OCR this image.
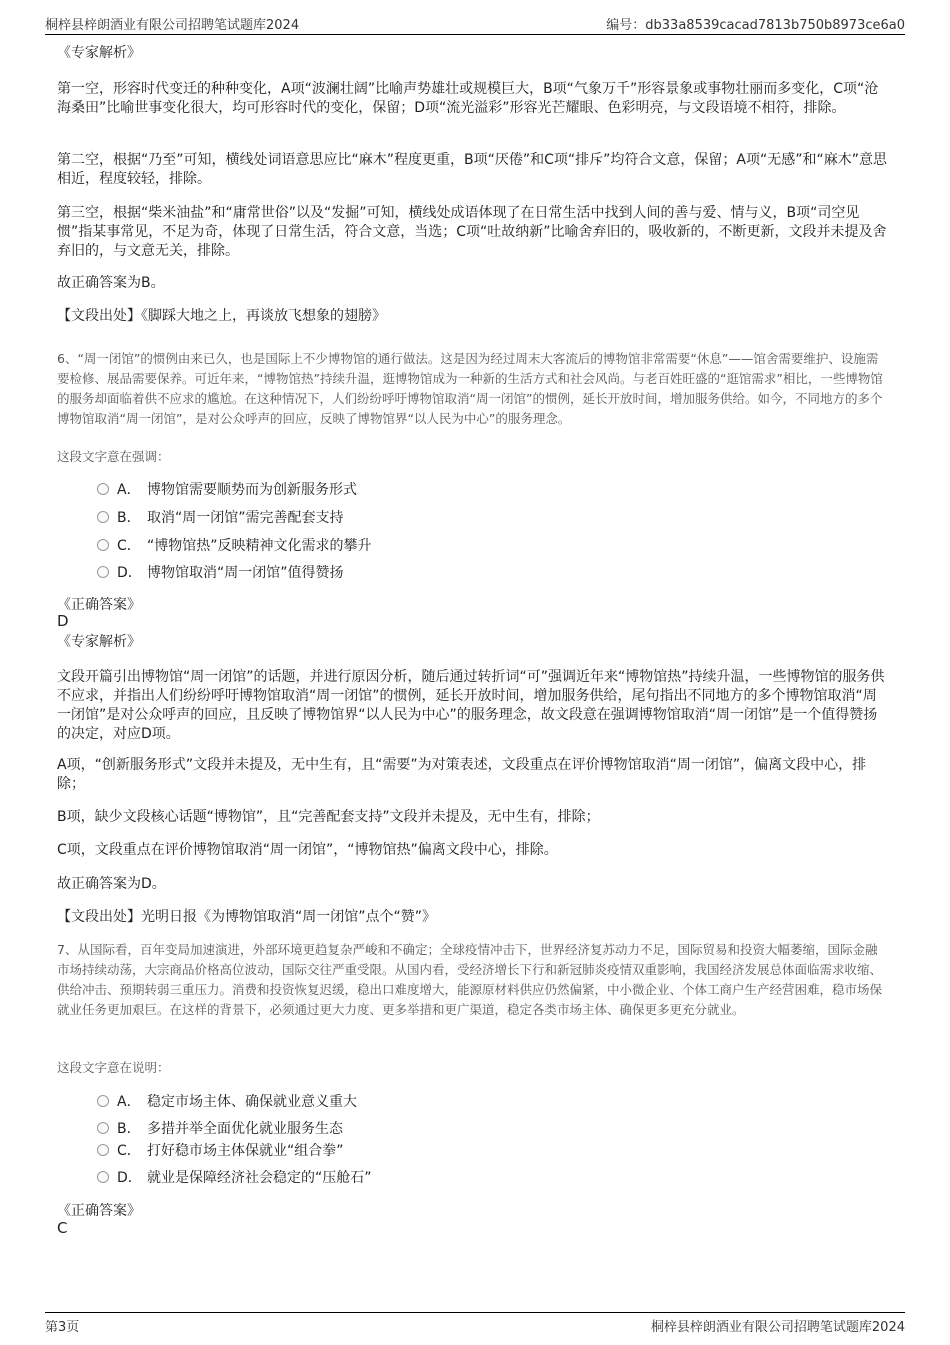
桐梓县梓朗酒业有限公司招聘笔试题库2024	编号：db33a8539cacad7813b750b8973ce6a0

《专家解析》

第一空，形容时代变迁的种种变化，A项“波澜壮阔”比喻声势雄壮或规模巨大，B项“气象万千”形容景象或事物壮丽而多变化，C项“沧海桑田”比喻世事变化很大，均可形容时代的变化，保留；D项“流光溢彩”形容光芒耀眼、色彩明亮，与文段语境不相符，排除。

第二空，根据“乃至”可知，横线处词语意思应比“麻木”程度更重，B项“厌倦”和C项“排斥”均符合文意，保留；A项“无感”和“麻木”意思相近，程度较轻，排除。

第三空，根据“柴米油盐”和“庸常世俗”以及“发掘”可知，横线处成语体现了在日常生活中找到人间的善与爱、情与义，B项“司空见惯”指某事常见，不足为奇，体现了日常生活，符合文意，当选；C项“吐故纳新”比喻舍弃旧的，吸收新的，不断更新，文段并未提及舍弃旧的，与文意无关，排除。

故正确答案为B。

【文段出处】《脚踩大地之上，再谈放飞想象的翅膀》

6、“周一闭馆”的惯例由来已久，也是国际上不少博物馆的通行做法。这是因为经过周末大客流后的博物馆非常需要“休息”——馆舍需要维护、设施需要检修、展品需要保养。可近年来，“博物馆热”持续升温，逛博物馆成为一种新的生活方式和社会风尚。与老百姓旺盛的“逛馆需求”相比，一些博物馆的服务却面临着供不应求的尴尬。在这种情况下，人们纷纷呼吁博物馆取消“周一闭馆”的惯例，延长开放时间，增加服务供给。如今，不同地方的多个博物馆取消“周一闭馆”，是对公众呼声的回应，反映了博物馆界“以人民为中心”的服务理念。

这段文字意在强调：
A． 博物馆需要顺势而为创新服务形式
B． 取消“周一闭馆”需完善配套支持
C． “博物馆热”反映精神文化需求的攀升
D． 博物馆取消“周一闭馆”值得赞扬
《正确答案》
D

《专家解析》

文段开篇引出博物馆“周一闭馆”的话题，并进行原因分析，随后通过转折词“可”强调近年来“博物馆热”持续升温，一些博物馆的服务供不应求，并指出人们纷纷呼吁博物馆取消“周一闭馆”的惯例，延长开放时间，增加服务供给，尾句指出不同地方的多个博物馆取消“周一闭馆”是对公众呼声的回应，且反映了博物馆界“以人民为中心”的服务理念，故文段意在强调博物馆取消“周一闭馆”是一个值得赞扬的决定，对应D项。

A项，“创新服务形式”文段并未提及，无中生有，且“需要”为对策表述，文段重点在评价博物馆取消“周一闭馆”，偏离文段中心，排除；

B项，缺少文段核心话题“博物馆”，且“完善配套支持”文段并未提及，无中生有，排除；

C项，文段重点在评价博物馆取消“周一闭馆”，“博物馆热”偏离文段中心，排除。

故正确答案为D。

【文段出处】光明日报《为博物馆取消“周一闭馆”点个“赞”》

7、从国际看，百年变局加速演进，外部环境更趋复杂严峻和不确定；全球疫情冲击下，世界经济复苏动力不足，国际贸易和投资大幅萎缩，国际金融市场持续动荡，大宗商品价格高位波动，国际交往严重受限。从国内看，受经济增长下行和新冠肺炎疫情双重影响，我国经济发展总体面临需求收缩、供给冲击、预期转弱三重压力。消费和投资恢复迟缓，稳出口难度增大，能源原材料供应仍然偏紧，中小微企业、个体工商户生产经营困难，稳市场保就业任务更加艰巨。在这样的背景下，必须通过更大力度、更多举措和更广渠道，稳定各类市场主体、确保更多更充分就业。

这段文字意在说明：
A． 稳定市场主体、确保就业意义重大
B． 多措并举全面优化就业服务生态
C． 打好稳市场主体保就业“组合拳”
D． 就业是保障经济社会稳定的“压舱石”
《正确答案》
C
第3页	桐梓县梓朗酒业有限公司招聘笔试题库2024
